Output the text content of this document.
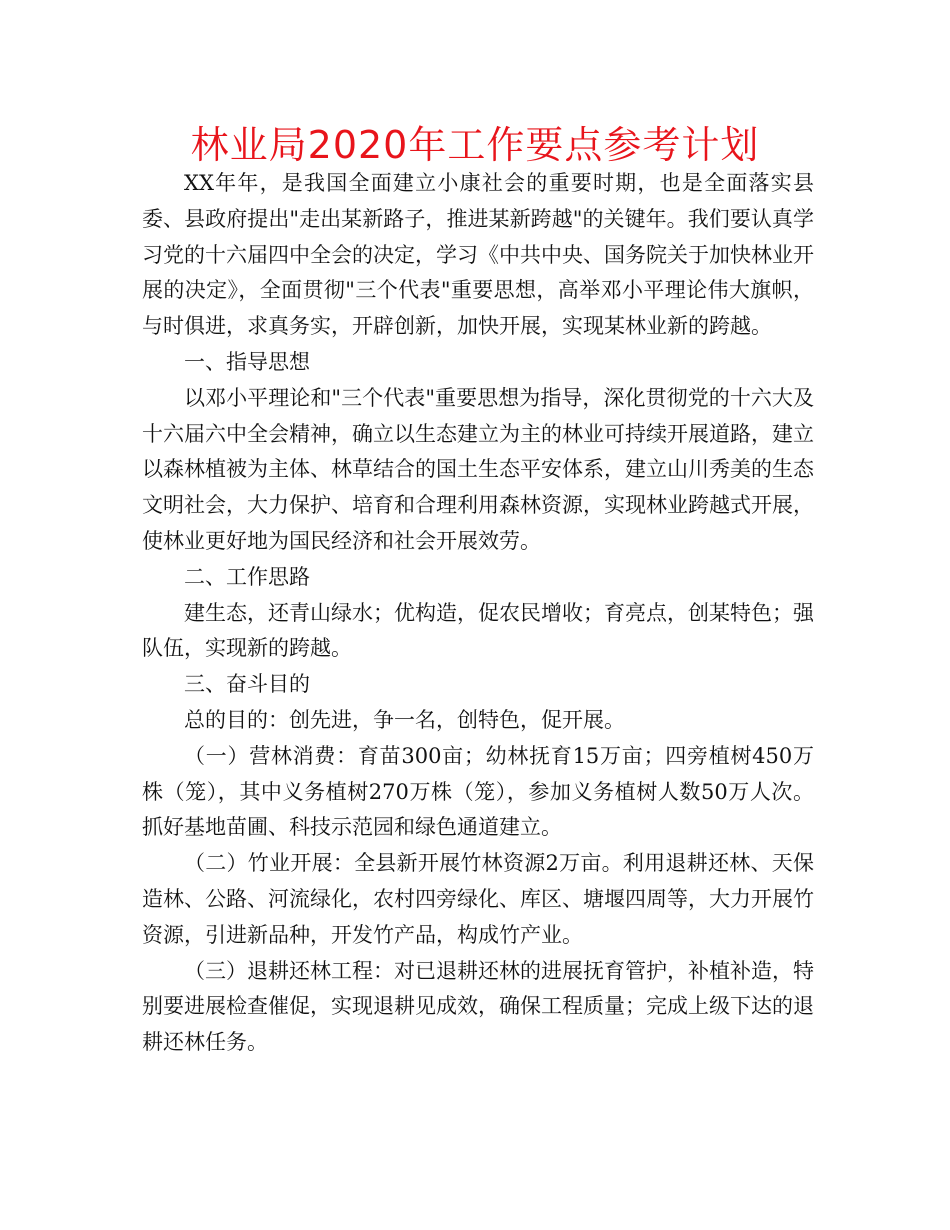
林业局2020年工作要点参考计划

XX年年，是我国全面建立小康社会的重要时期，也是全面落实县委、县政府提出"走出某新路子，推进某新跨越"的关键年。我们要认真学习党的十六届四中全会的决定，学习《中共中央、国务院关于加快林业开展的决定》，全面贯彻"三个代表"重要思想，高举邓小平理论伟大旗帜，与时俱进，求真务实，开辟创新，加快开展，实现某林业新的跨越。

一、指导思想

以邓小平理论和"三个代表"重要思想为指导，深化贯彻党的十六大及十六届六中全会精神，确立以生态建立为主的林业可持续开展道路，建立以森林植被为主体、林草结合的国土生态平安体系，建立山川秀美的生态文明社会，大力保护、培育和合理利用森林资源，实现林业跨越式开展，使林业更好地为国民经济和社会开展效劳。

二、工作思路

建生态，还青山绿水；优构造，促农民增收；育亮点，创某特色；强队伍，实现新的跨越。

三、奋斗目的

总的目的：创先进，争一名，创特色，促开展。

（一）营林消费：育苗300亩；幼林抚育15万亩；四旁植树450万株（笼），其中义务植树270万株（笼），参加义务植树人数50万人次。抓好基地苗圃、科技示范园和绿色通道建立。

（二）竹业开展：全县新开展竹林资源2万亩。利用退耕还林、天保造林、公路、河流绿化，农村四旁绿化、库区、塘堰四周等，大力开展竹资源，引进新品种，开发竹产品，构成竹产业。

（三）退耕还林工程：对已退耕还林的进展抚育管护，补植补造，特别要进展检查催促，实现退耕见成效，确保工程质量；完成上级下达的退耕还林任务。
